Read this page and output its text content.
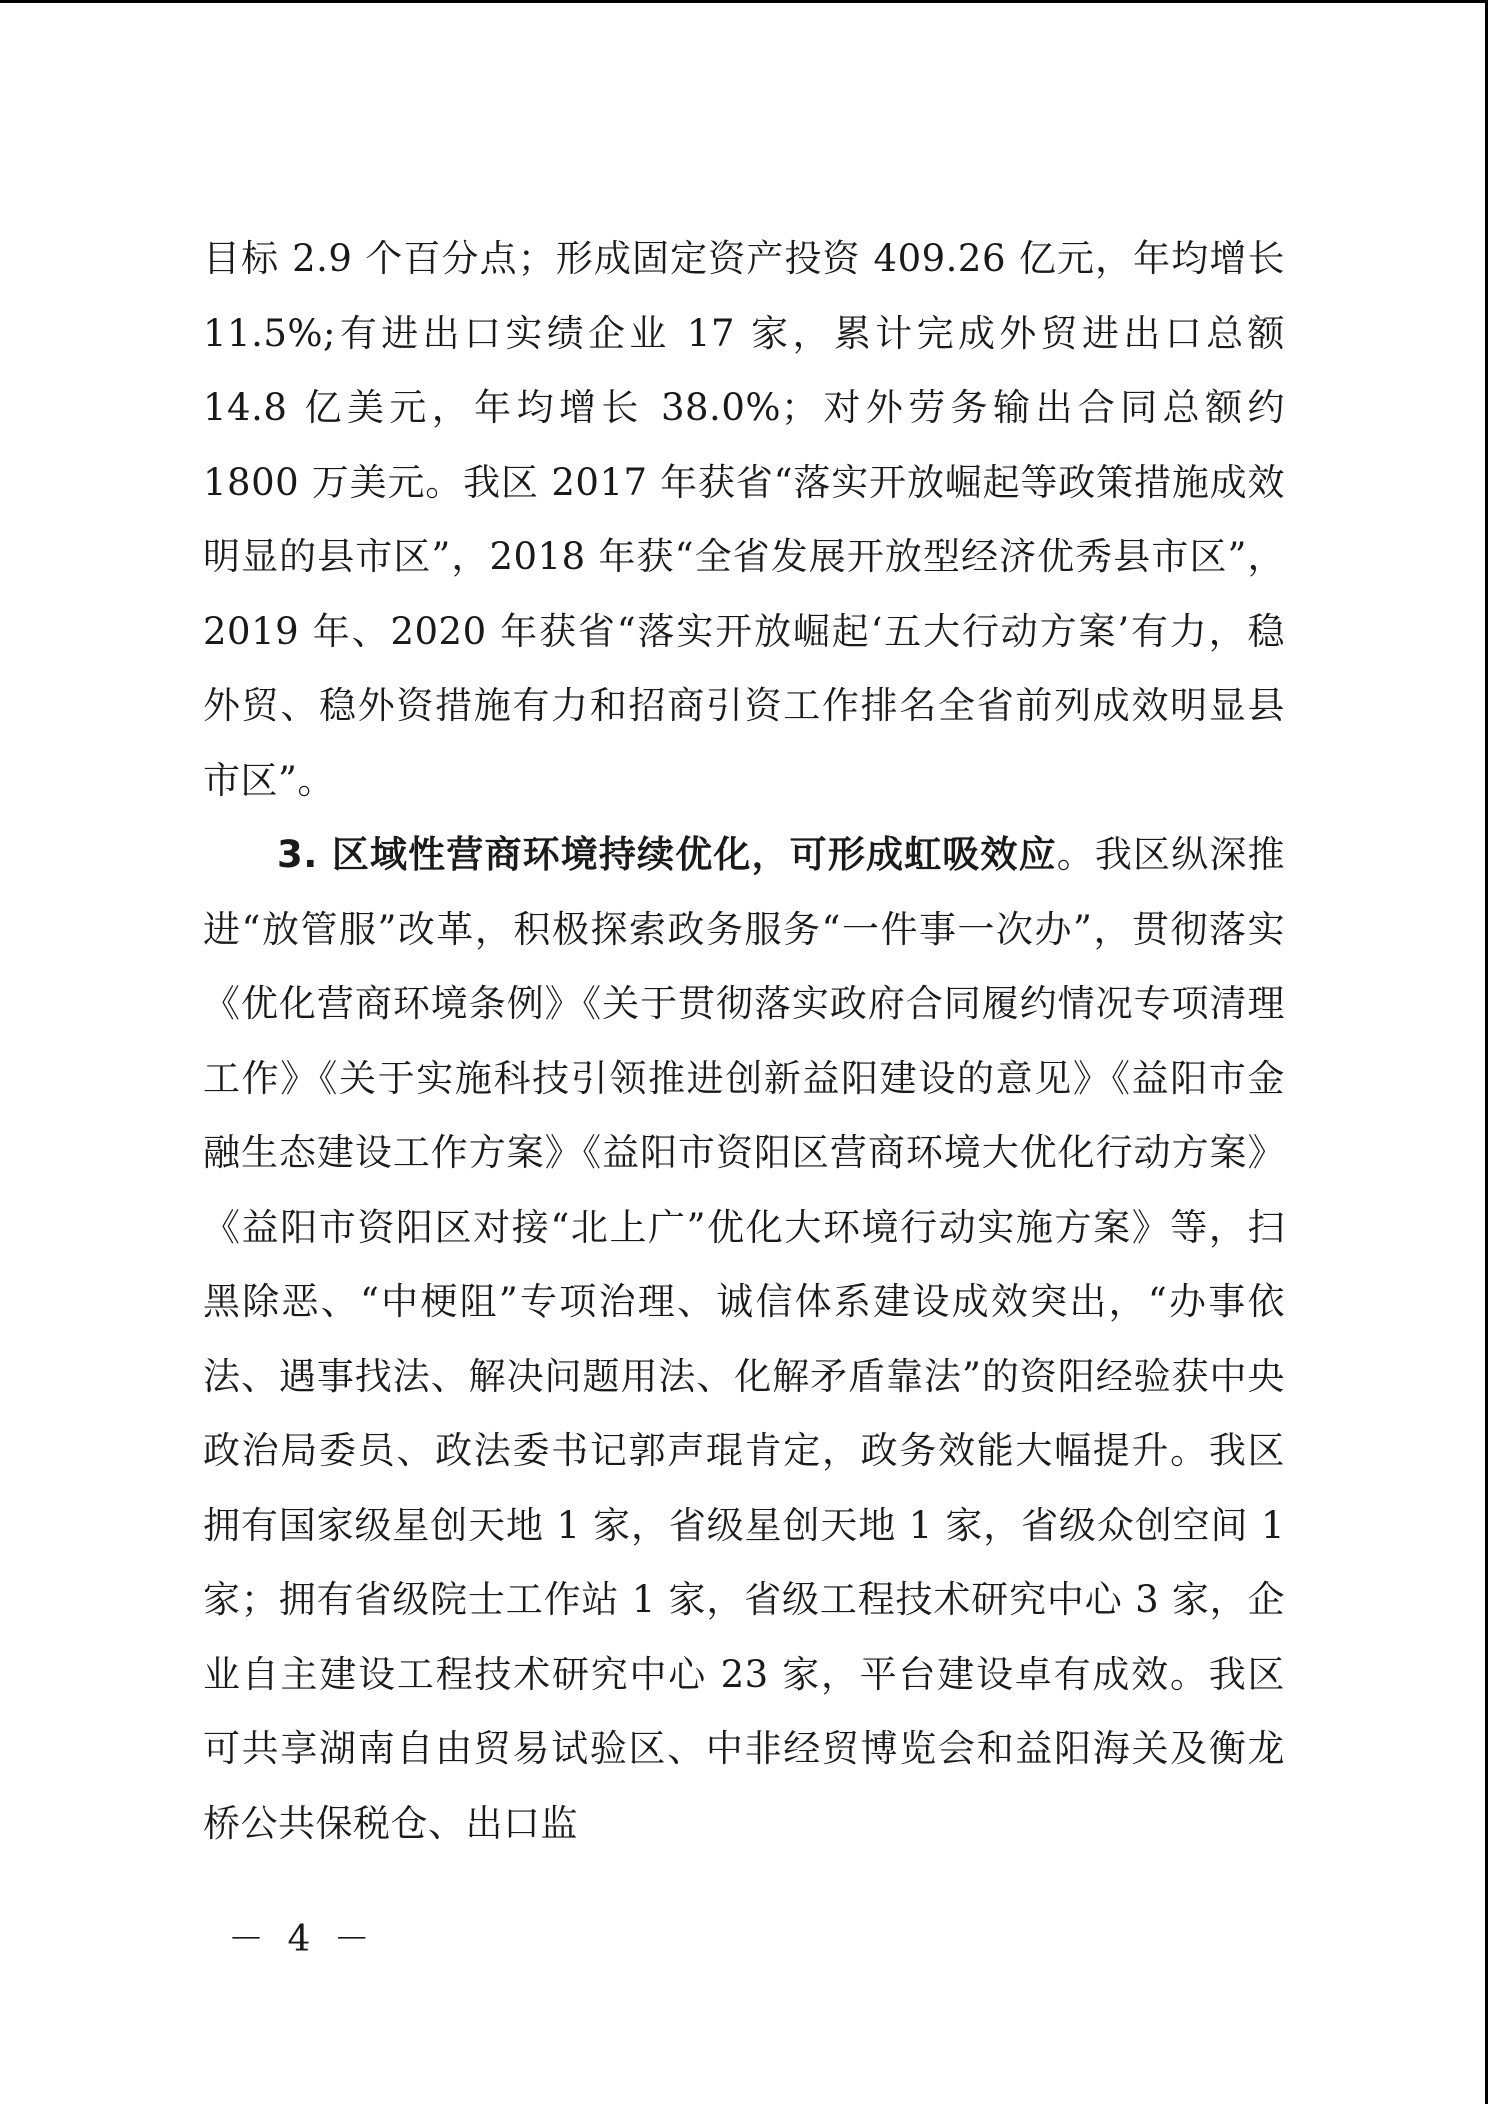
目标 2.9 个百分点；形成固定资产投资 409.26 亿元，年均增长 11.5%;有进出口实绩企业 17 家，累计完成外贸进出口总额 14.8 亿美元，年均增长 38.0%；对外劳务输出合同总额约 1800 万美元。我区 2017 年获省“落实开放崛起等政策措施成效明显的县市区”，2018 年获“全省发展开放型经济优秀县市区”，2019 年、2020 年获省“落实开放崛起‘五大行动方案’有力，稳外贸、稳外资措施有力和招商引资工作排名全省前列成效明显县市区”。

3. 区域性营商环境持续优化，可形成虹吸效应。我区纵深推进“放管服”改革，积极探索政务服务“一件事一次办”，贯彻落实《优化营商环境条例》《关于贯彻落实政府合同履约情况专项清理工作》《关于实施科技引领推进创新益阳建设的意见》《益阳市金融生态建设工作方案》《益阳市资阳区营商环境大优化行动方案》《益阳市资阳区对接“北上广”优化大环境行动实施方案》等，扫黑除恶、“中梗阻”专项治理、诚信体系建设成效突出，“办事依法、遇事找法、解决问题用法、化解矛盾靠法”的资阳经验获中央政治局委员、政法委书记郭声琨肯定，政务效能大幅提升。我区拥有国家级星创天地 1 家，省级星创天地 1 家，省级众创空间 1 家；拥有省级院士工作站 1 家，省级工程技术研究中心 3 家，企业自主建设工程技术研究中心 23 家，平台建设卓有成效。我区可共享湖南自由贸易试验区、中非经贸博览会和益阳海关及衡龙桥公共保税仓、出口监

－ 4 －
